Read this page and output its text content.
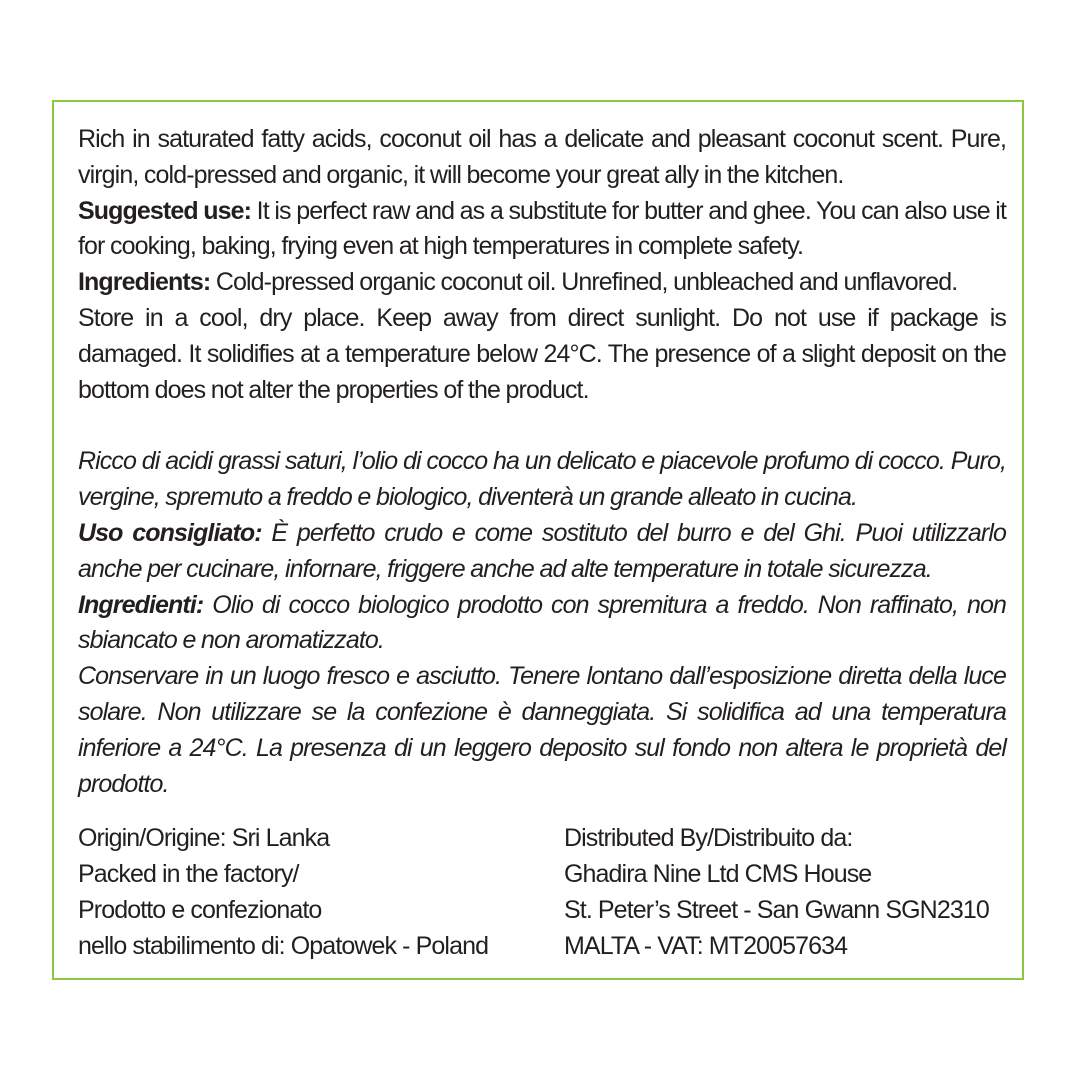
Rich in saturated fatty acids, coconut oil has a delicate and pleasant coconut scent. Pure, virgin, cold-pressed and organic, it will become your great ally in the kitchen.
Suggested use: It is perfect raw and as a substitute for butter and ghee. You can also use it for cooking, baking, frying even at high temperatures in complete safety.
Ingredients: Cold-pressed organic coconut oil. Unrefined, unbleached and unflavored.
Store in a cool, dry place. Keep away from direct sunlight. Do not use if package is damaged. It solidifies at a temperature below 24°C. The presence of a slight deposit on the bottom does not alter the properties of the product.

Ricco di acidi grassi saturi, l’olio di cocco ha un delicato e piacevole profumo di cocco. Puro, vergine, spremuto a freddo e biologico, diventerà un grande alleato in cucina.
Uso consigliato: È perfetto crudo e come sostituto del burro e del Ghi. Puoi utilizzarlo anche per cucinare, infornare, friggere anche ad alte temperature in totale sicurezza.
Ingredienti: Olio di cocco biologico prodotto con spremitura a freddo. Non raffinato, non sbiancato e non aromatizzato.
Conservare in un luogo fresco e asciutto. Tenere lontano dall’esposizione diretta della luce solare. Non utilizzare se la confezione è danneggiata. Si solidifica ad una temperatura inferiore a 24°C. La presenza di un leggero deposito sul fondo non altera le proprietà del prodotto.

Origin/Origine: Sri Lanka
Packed in the factory/
Prodotto e confezionato
nello stabilimento di: Opatowek - Poland
Distributed By/Distribuito da:
Ghadira Nine Ltd CMS House
St. Peter’s Street - San Gwann SGN2310
MALTA - VAT: MT20057634
